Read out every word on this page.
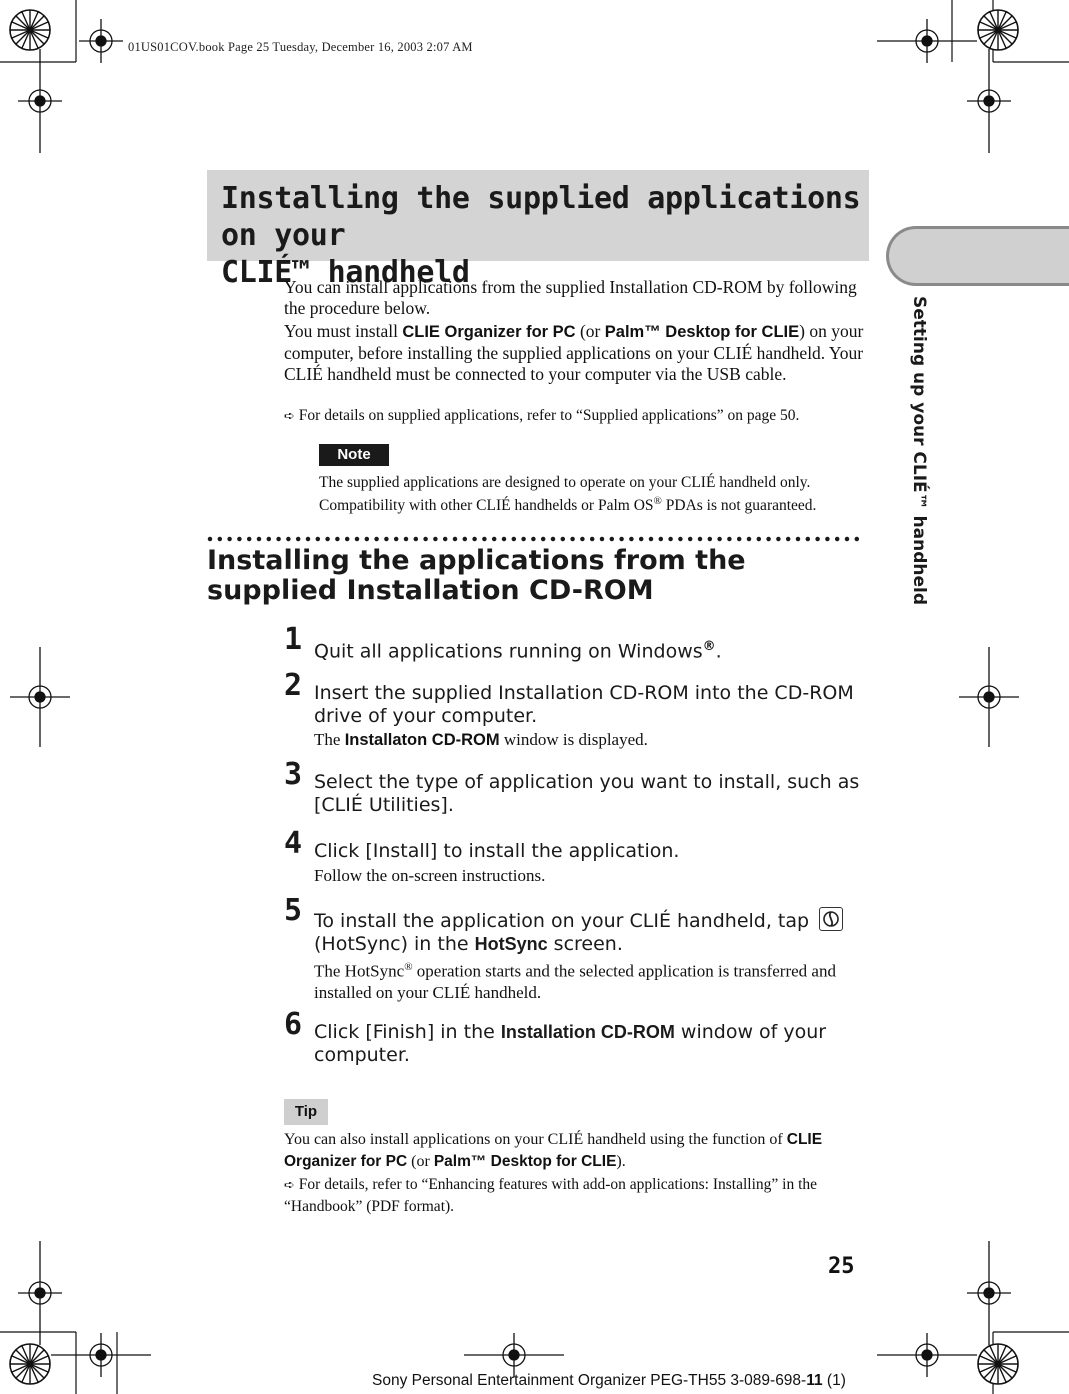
01US01COV.book Page 25 Tuesday, December 16, 2003 2:07 AM
Installing the supplied applications on your
CLIÉ™ handheld
Setting up your CLIÉ™ handheld
You can install applications from the supplied Installation CD-ROM by following the procedure below.
You must install CLIE Organizer for PC (or Palm™ Desktop for CLIE) on your computer, before installing the supplied applications on your CLIÉ handheld. Your CLIÉ handheld must be connected to your computer via the USB cable.
➪ For details on supplied applications, refer to “Supplied applications” on page 50.
Note
The supplied applications are designed to operate on your CLIÉ handheld only. Compatibility with other CLIÉ handhelds or Palm OS® PDAs is not guaranteed.
Installing the applications from the
supplied Installation CD-ROM
1 Quit all applications running on Windows®.
2 Insert the supplied Installation CD-ROM into the CD-ROM drive of your computer.
The Installaton CD-ROM window is displayed.
3 Select the type of application you want to install, such as [CLIÉ Utilities].
4 Click [Install] to install the application.
Follow the on-screen instructions.
5 To install the application on your CLIÉ handheld, tap

(HotSync) in the HotSync screen.
The HotSync® operation starts and the selected application is transferred and installed on your CLIÉ handheld.
6 Click [Finish] in the Installation CD-ROM window of your computer.
Tip
You can also install applications on your CLIÉ handheld using the function of CLIE Organizer for PC (or Palm™ Desktop for CLIE).
➪ For details, refer to “Enhancing features with add-on applications: Installing” in the “Handbook” (PDF format).
25
Sony Personal Entertainment Organizer PEG-TH55 3-089-698-11 (1)
